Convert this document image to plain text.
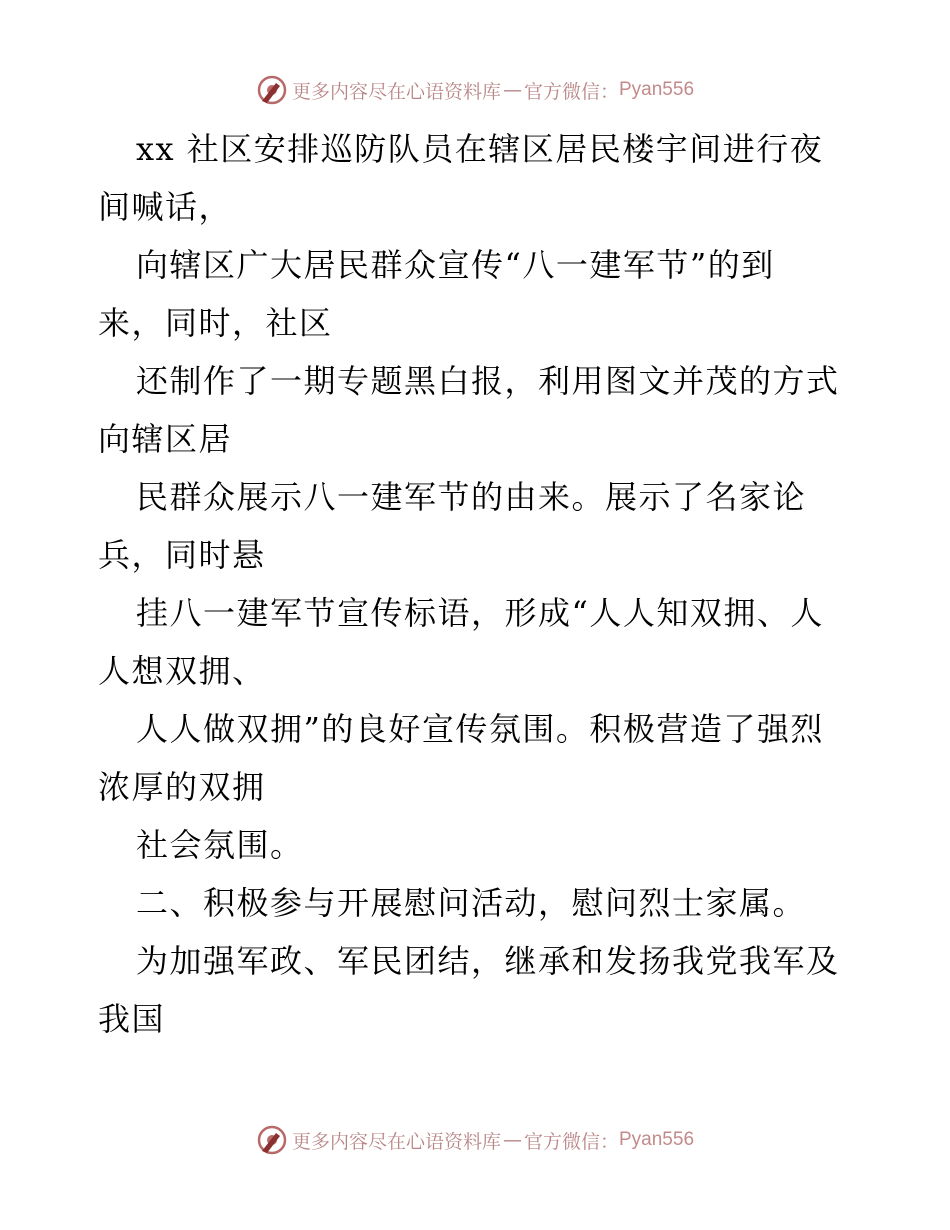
更多内容尽在心语资料库 — 官方微信： Pyan556
xx 社区安排巡防队员在辖区居民楼宇间进行夜
间喊话，
向辖区广大居民群众宣传“八一建军节”的到
来，同时，社区
还制作了一期专题黑白报，利用图文并茂的方式
向辖区居
民群众展示八一建军节的由来。展示了名家论
兵，同时悬
挂八一建军节宣传标语，形成“人人知双拥、人
人想双拥、
人人做双拥”的良好宣传氛围。积极营造了强烈
浓厚的双拥
社会氛围。
二、积极参与开展慰问活动，慰问烈士家属。
为加强军政、军民团结，继承和发扬我党我军及
我国
更多内容尽在心语资料库 — 官方微信： Pyan556
